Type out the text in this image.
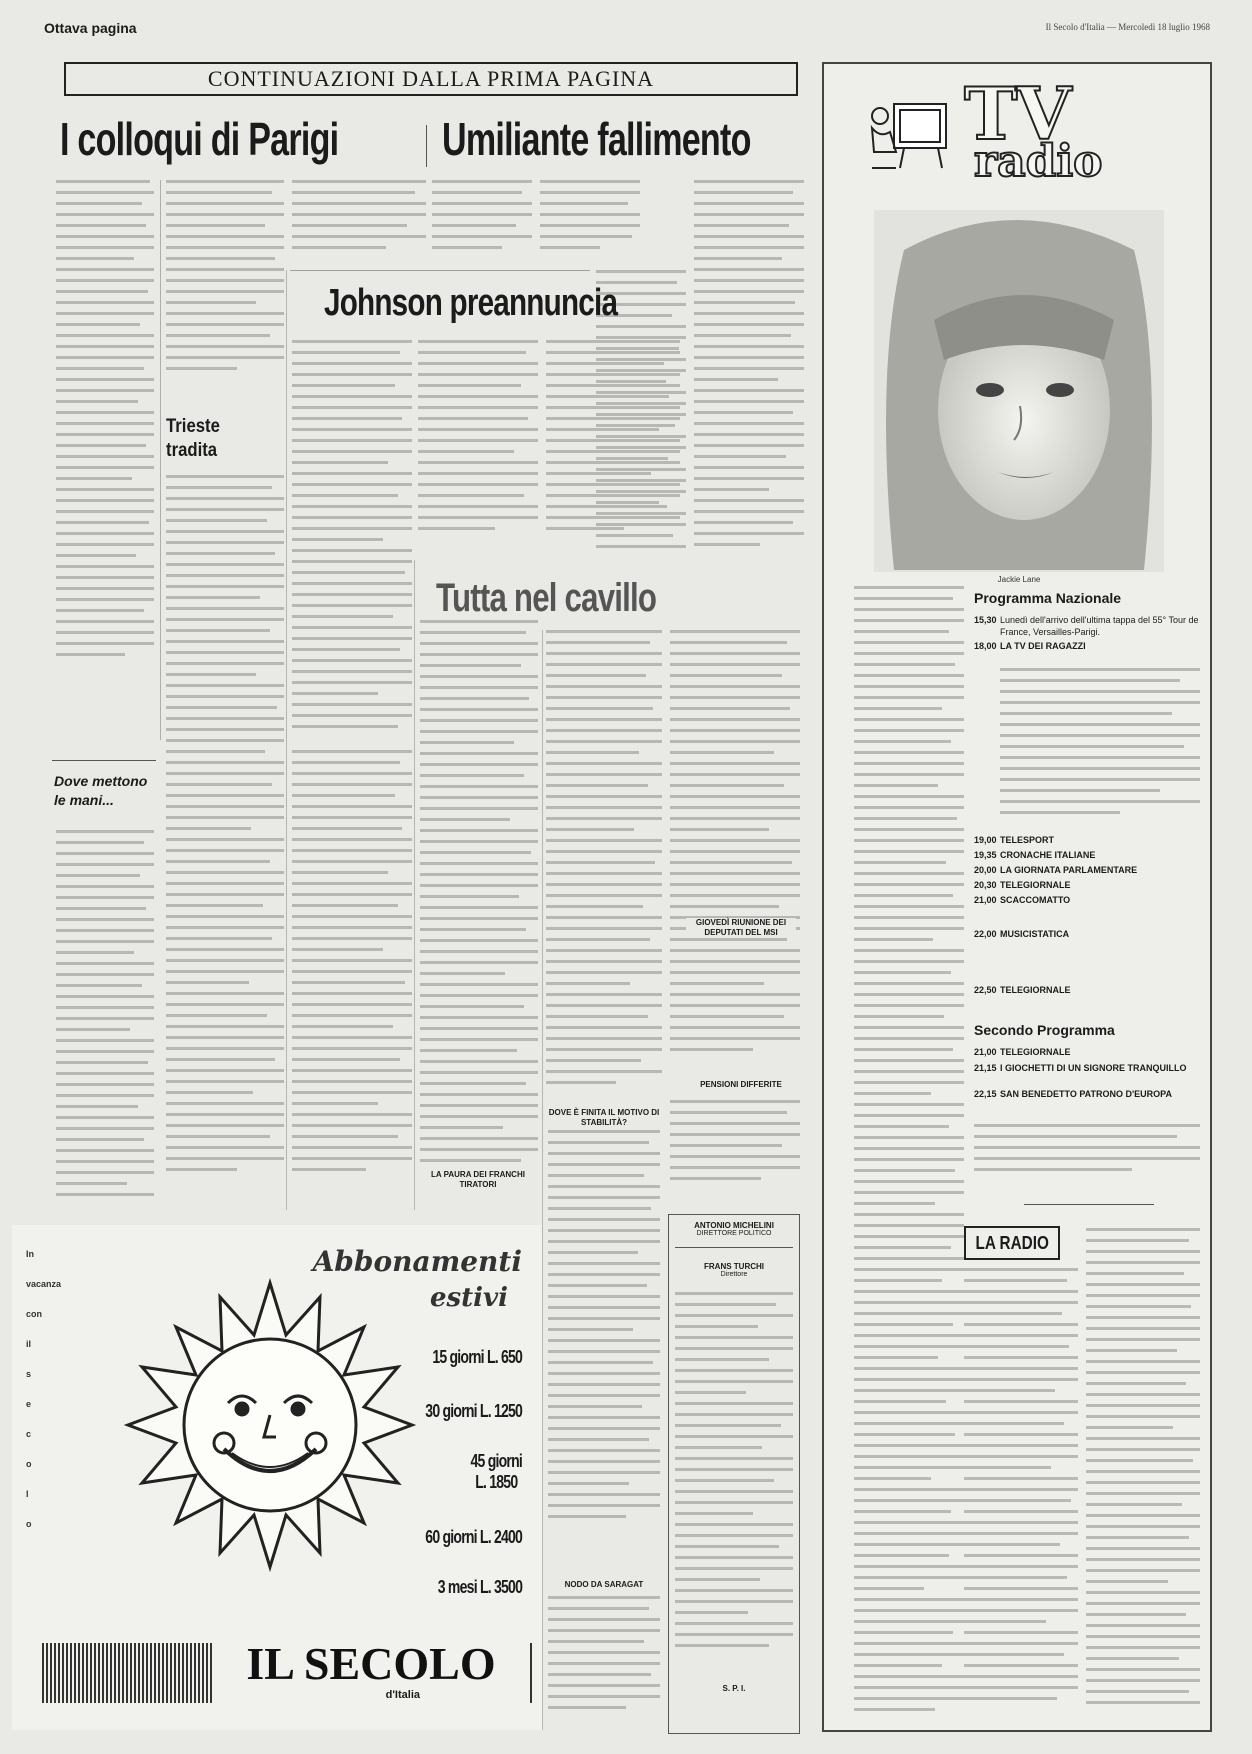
Ottava pagina	Il Secolo d'Italia — Mercoledì 18 luglio 1968
CONTINUAZIONI DALLA PRIMA PAGINA
I colloqui di Parigi Umiliante fallimento
Johnson preannuncia
Trieste tradita
Dove mettono le mani...
Tutta nel cavillo
GIOVEDÌ RIUNIONE DEI DEPUTATI DEL MSI
PENSIONI DIFFERITE
LA PAURA DEI FRANCHI TIRATORI
DOVE È FINITA IL MOTIVO DI STABILITÀ?
NODO DA SARAGAT
ANTONIO MICHELINI
DIRETTORE POLITICO
FRANS TURCHI
Direttore
S. P. I.
In
vacanza
con
il
s
e
c
o
l
o
Abbonamenti
estivi
15 giorni L. 650
30 giorni L. 1250
45 giorni
L. 1850
60 giorni L. 2400
3 mesi L. 3500
IL SECOLO
d'Italia
TV
radio
Jackie Lane
Programma Nazionale
15,30 Lunedì dell'arrivo dell'ultima tappa del 55° Tour de France, Versailles-Parigi.
18,00 LA TV DEI RAGAZZI
19,00 TELESPORT
19,35 CRONACHE ITALIANE
20,00 LA GIORNATA PARLAMENTARE
20,30 TELEGIORNALE
21,00 SCACCOMATTO
22,00 MUSICISTATICA
22,50 TELEGIORNALE
Secondo Programma
21,00 TELEGIORNALE
21,15 I GIOCHETTI DI UN SIGNORE TRANQUILLO
22,15 SAN BENEDETTO PATRONO D'EUROPA
LA RADIO
